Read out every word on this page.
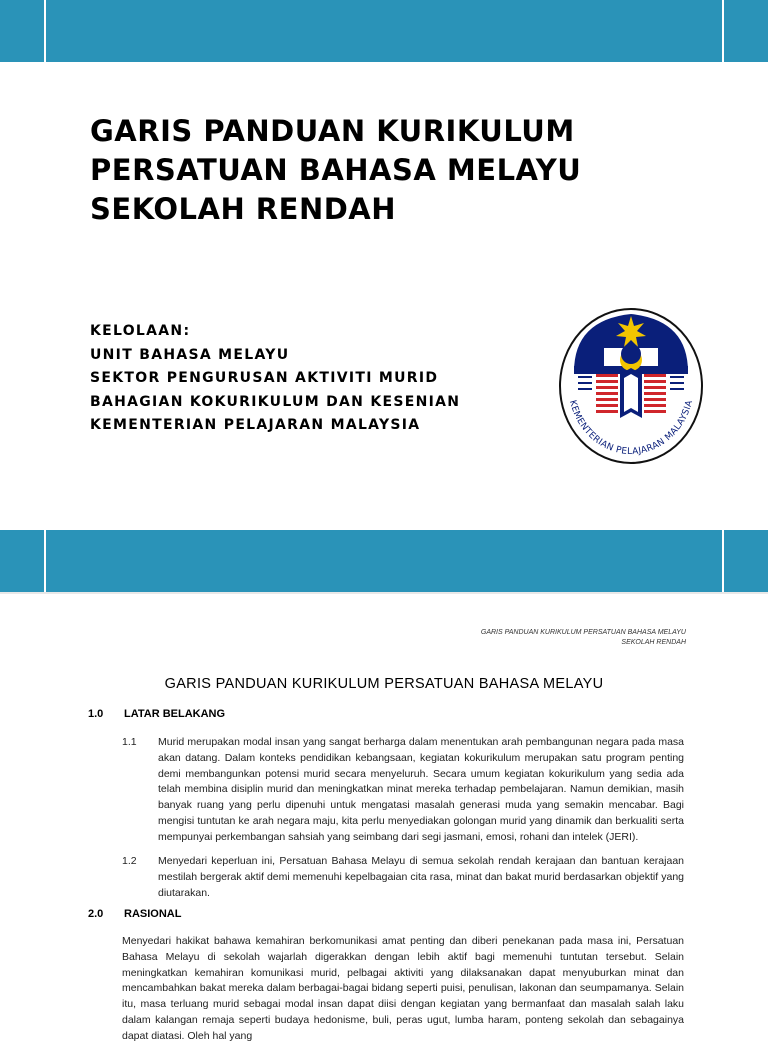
GARIS PANDUAN KURIKULUM
PERSATUAN BAHASA MELAYU
SEKOLAH RENDAH
KELOLAAN:
UNIT BAHASA MELAYU
SEKTOR PENGURUSAN AKTIVITI MURID
BAHAGIAN KOKURIKULUM DAN KESENIAN
KEMENTERIAN PELAJARAN MALAYSIA
KEMENTERIAN PELAJARAN MALAYSIA
GARIS PANDUAN KURIKULUM PERSATUAN BAHASA MELAYU
SEKOLAH RENDAH
GARIS PANDUAN KURIKULUM PERSATUAN BAHASA MELAYU
1.0 LATAR BELAKANG
1.1 Murid merupakan modal insan yang sangat berharga dalam menentukan arah pembangunan negara pada masa akan datang. Dalam konteks pendidikan kebangsaan, kegiatan kokurikulum merupakan satu program penting demi membangunkan potensi murid secara menyeluruh. Secara umum kegiatan kokurikulum yang sedia ada telah membina disiplin murid dan meningkatkan minat mereka terhadap pembelajaran. Namun demikian, masih banyak ruang yang perlu dipenuhi untuk mengatasi masalah generasi muda yang semakin mencabar. Bagi mengisi tuntutan ke arah negara maju, kita perlu menyediakan golongan murid yang dinamik dan berkualiti serta mempunyai perkembangan sahsiah yang seimbang dari segi jasmani, emosi, rohani dan intelek (JERI).
1.2 Menyedari keperluan ini, Persatuan Bahasa Melayu di semua sekolah rendah kerajaan dan bantuan kerajaan mestilah bergerak aktif demi memenuhi kepelbagaian cita rasa, minat dan bakat murid berdasarkan objektif yang diutarakan.
2.0 RASIONAL
Menyedari hakikat bahawa kemahiran berkomunikasi amat penting dan diberi penekanan pada masa ini, Persatuan Bahasa Melayu di sekolah wajarlah digerakkan dengan lebih aktif bagi memenuhi tuntutan tersebut. Selain meningkatkan kemahiran komunikasi murid, pelbagai aktiviti yang dilaksanakan dapat menyuburkan minat dan mencambahkan bakat mereka dalam berbagai-bagai bidang seperti puisi, penulisan, lakonan dan seumpamanya. Selain itu, masa terluang murid sebagai modal insan dapat diisi dengan kegiatan yang bermanfaat dan masalah salah laku dalam kalangan remaja seperti budaya hedonisme, buli, peras ugut, lumba haram, ponteng sekolah dan sebagainya dapat diatasi. Oleh hal yang
